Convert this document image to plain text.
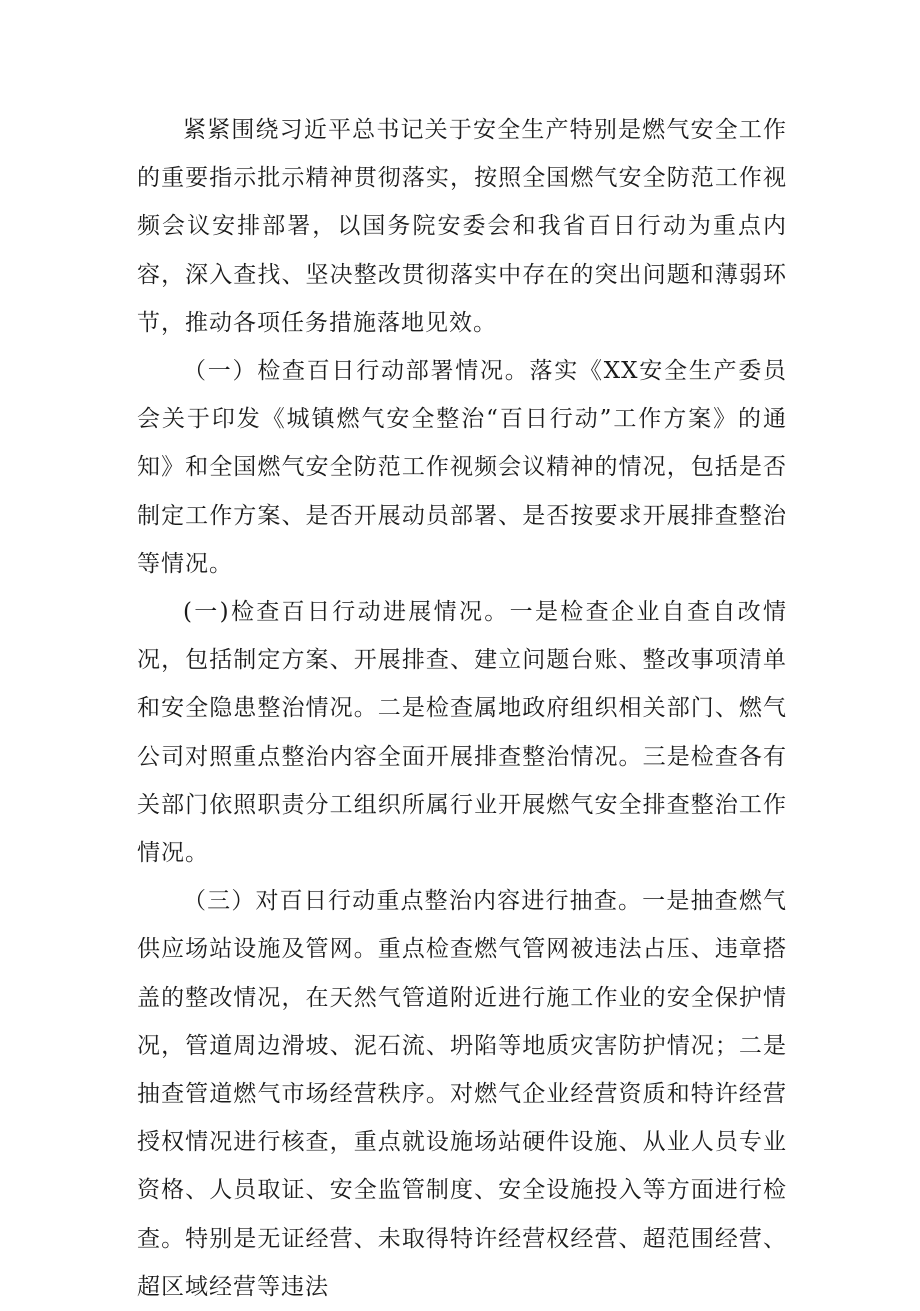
紧紧围绕习近平总书记关于安全生产特别是燃气安全工作的重要指示批示精神贯彻落实，按照全国燃气安全防范工作视频会议安排部署，以国务院安委会和我省百日行动为重点内容，深入查找、坚决整改贯彻落实中存在的突出问题和薄弱环节，推动各项任务措施落地见效。

（一）检查百日行动部署情况。落实《XX安全生产委员会关于印发《城镇燃气安全整治“百日行动”工作方案》的通知》和全国燃气安全防范工作视频会议精神的情况，包括是否制定工作方案、是否开展动员部署、是否按要求开展排查整治等情况。

(一)检查百日行动进展情况。一是检查企业自查自改情况，包括制定方案、开展排查、建立问题台账、整改事项清单和安全隐患整治情况。二是检查属地政府组织相关部门、燃气公司对照重点整治内容全面开展排查整治情况。三是检查各有关部门依照职责分工组织所属行业开展燃气安全排查整治工作情况。

（三）对百日行动重点整治内容进行抽查。一是抽查燃气供应场站设施及管网。重点检查燃气管网被违法占压、违章搭盖的整改情况，在天然气管道附近进行施工作业的安全保护情况，管道周边滑坡、泥石流、坍陷等地质灾害防护情况；二是抽查管道燃气市场经营秩序。对燃气企业经营资质和特许经营授权情况进行核查，重点就设施场站硬件设施、从业人员专业资格、人员取证、安全监管制度、安全设施投入等方面进行检查。特别是无证经营、未取得特许经营权经营、超范围经营、超区域经营等违法
